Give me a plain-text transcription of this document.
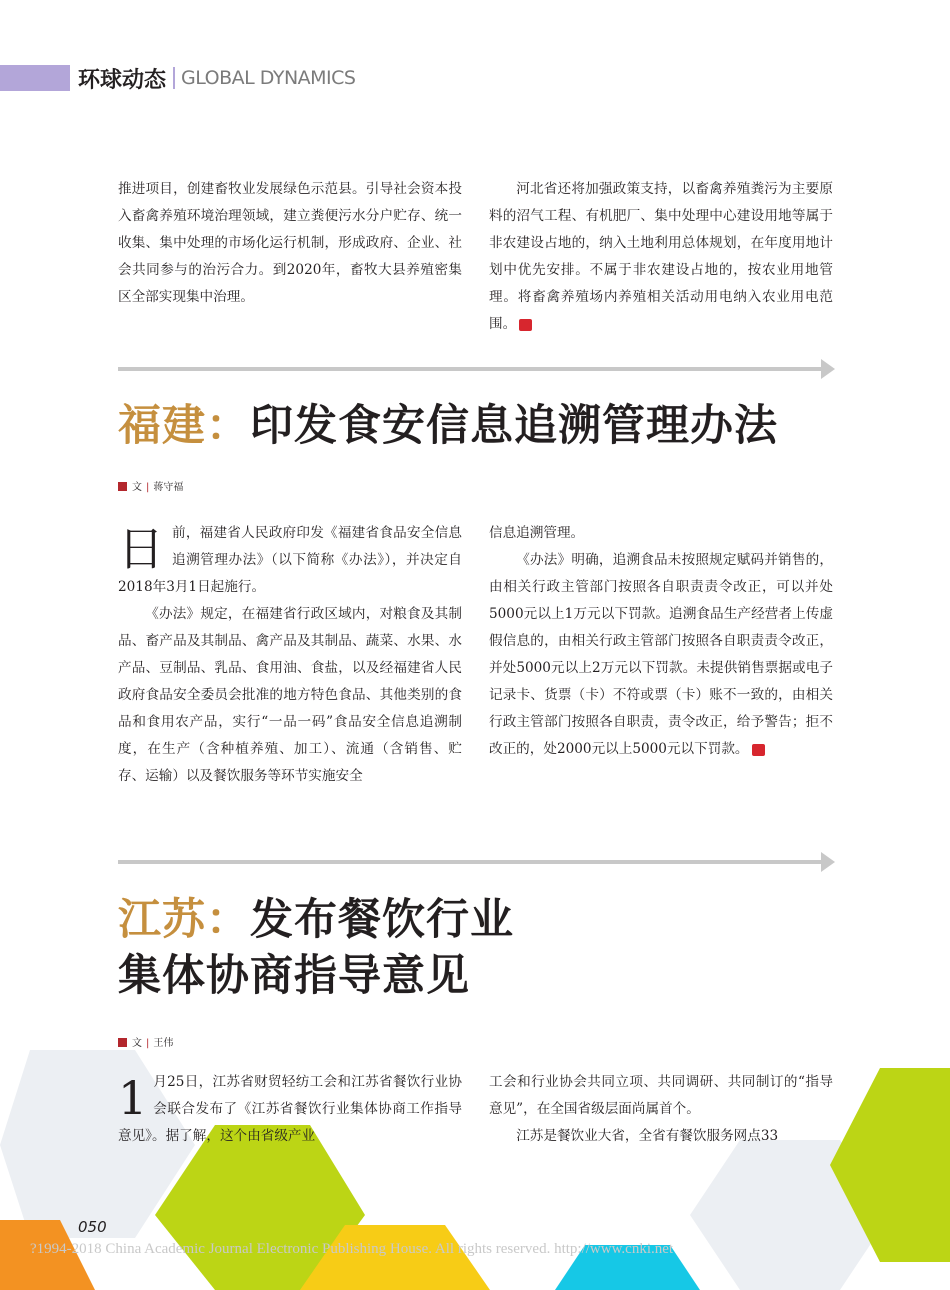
环球动态 GLOBAL DYNAMICS

推进项目，创建畜牧业发展绿色示范县。引导社会资本投入畜禽养殖环境治理领域，建立粪便污水分户贮存、统一收集、集中处理的市场化运行机制，形成政府、企业、社会共同参与的治污合力。到2020年，畜牧大县养殖密集区全部实现集中治理。

河北省还将加强政策支持，以畜禽养殖粪污为主要原料的沼气工程、有机肥厂、集中处理中心建设用地等属于非农建设占地的，纳入土地利用总体规划，在年度用地计划中优先安排。不属于非农建设占地的，按农业用地管理。将畜禽养殖场内养殖相关活动用电纳入农业用电范围。	ď

福建：印发食安信息追溯管理办法
文 | 蒋守福

日前，福建省人民政府印发《福建省食品安全信息追溯管理办法》（以下简称《办法》），并决定自2018年3月1日起施行。

《办法》规定，在福建省行政区域内，对粮食及其制品、畜产品及其制品、禽产品及其制品、蔬菜、水果、水产品、豆制品、乳品、食用油、食盐，以及经福建省人民政府食品安全委员会批准的地方特色食品、其他类别的食品和食用农产品，实行“一品一码”食品安全信息追溯制度，在生产（含种植养殖、加工）、流通（含销售、贮存、运输）以及餐饮服务等环节实施安全

信息追溯管理。

《办法》明确，追溯食品未按照规定赋码并销售的，由相关行政主管部门按照各自职责责令改正，可以并处5000元以上1万元以下罚款。追溯食品生产经营者上传虚假信息的，由相关行政主管部门按照各自职责责令改正，并处5000元以上2万元以下罚款。未提供销售票据或电子记录卡、货票（卡）不符或票（卡）账不一致的，由相关行政主管部门按照各自职责，责令改正，给予警告；拒不改正的，处2000元以上5000元以下罚款。	ď

江苏：发布餐饮行业
集体协商指导意见
文 | 王伟

1 月25日，江苏省财贸轻纺工会和江苏省餐饮行业协会联合发布了《江苏省餐饮行业集体协商工作指导意见》。据了解，这个由省级产业

工会和行业协会共同立项、共同调研、共同制订的“指导意见”，在全国省级层面尚属首个。

江苏是餐饮业大省，全省有餐饮服务网点33

050
?1994-2018 China Academic Journal Electronic Publishing House. All rights reserved. http://www.cnki.net
